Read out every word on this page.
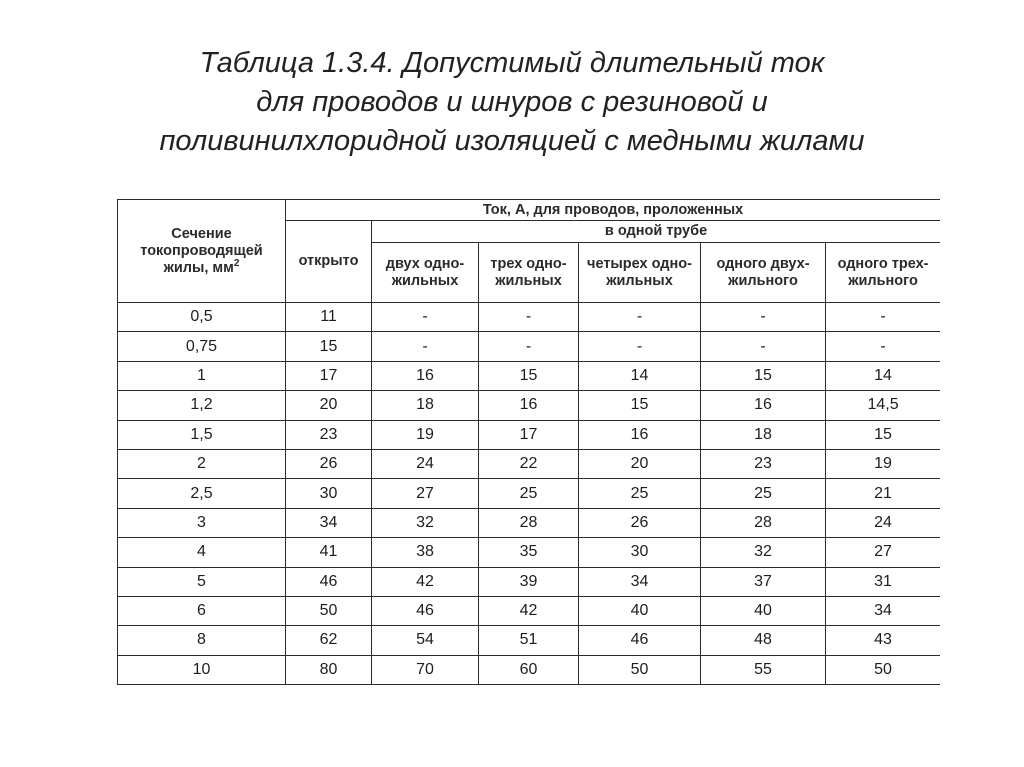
Таблица 1.3.4. Допустимый длительный ток
для проводов и шнуров с резиновой и
поливинилхлоридной изоляцией с медными жилами
Сечение токопроводящей жилы, $мм^2$	Ток, А, для проводов, проложенных					
	открыто	в одной трубе				
		двух одно- жильных	трех одно- жильных	четырех одно- жильных	одного двух- жильного	одного трех- жильного
0,5	11	-	-	-	-	-
0,75	15	-	-	-	-	-
1	17	16	15	14	15	14
1,2	20	18	16	15	16	14,5
1,5	23	19	17	16	18	15
2	26	24	22	20	23	19
2,5	30	27	25	25	25	21
3	34	32	28	26	28	24
4	41	38	35	30	32	27
5	46	42	39	34	37	31
6	50	46	42	40	40	34
8	62	54	51	46	48	43
10	80	70	60	50	55	50
